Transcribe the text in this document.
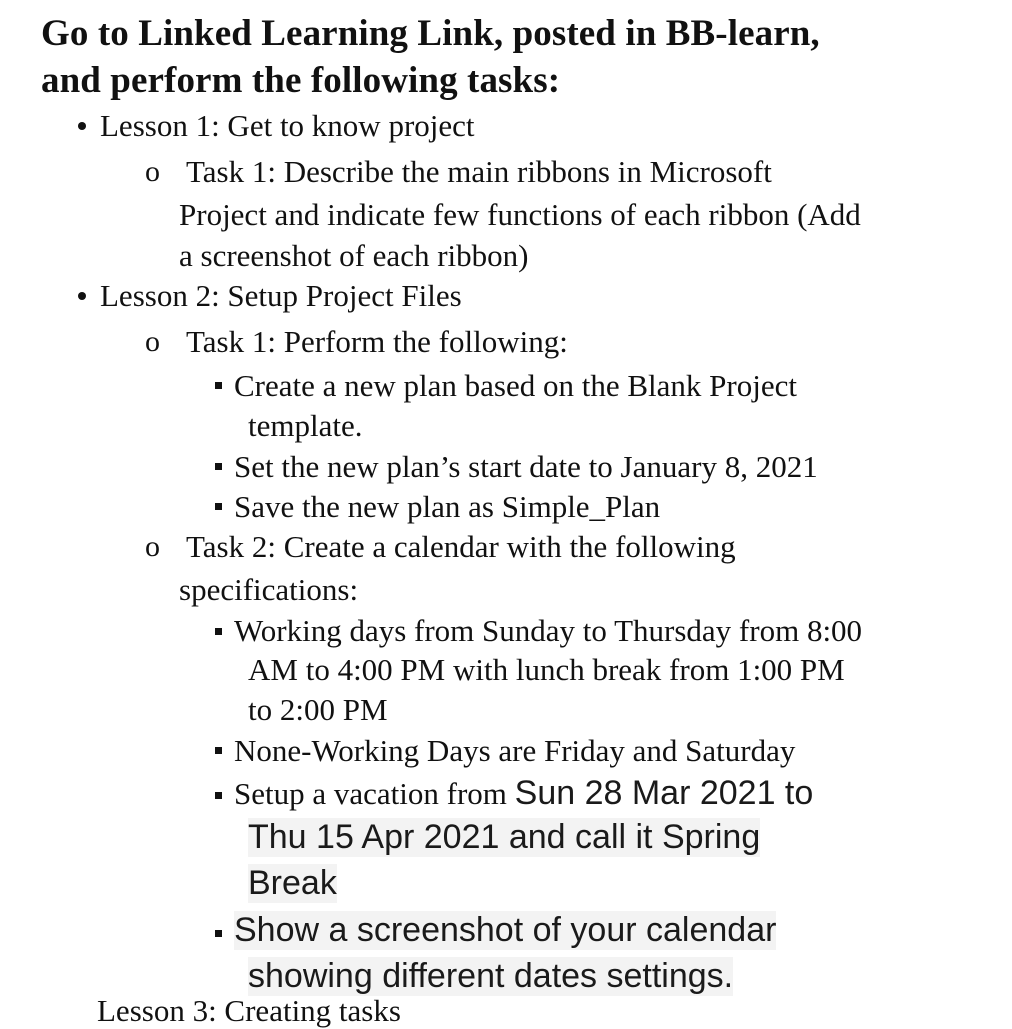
Go to Linked Learning Link, posted in BB-learn,
and perform the following tasks:
Lesson 1: Get to know project
o Task 1: Describe the main ribbons in Microsoft
Project and indicate few functions of each ribbon (Add
a screenshot of each ribbon)
Lesson 2: Setup Project Files
o Task 1: Perform the following:
Create a new plan based on the Blank Project
template.
Set the new plan’s start date to January 8, 2021
Save the new plan as Simple_Plan
o Task 2: Create a calendar with the following
specifications:
Working days from Sunday to Thursday from 8:00
AM to 4:00 PM with lunch break from 1:00 PM
to 2:00 PM
None-Working Days are Friday and Saturday
Setup a vacation from Sun 28 Mar 2021 to
Thu 15 Apr 2021 and call it Spring
Break
Show a screenshot of your calendar
showing different dates settings.
Lesson 3: Creating tasks
